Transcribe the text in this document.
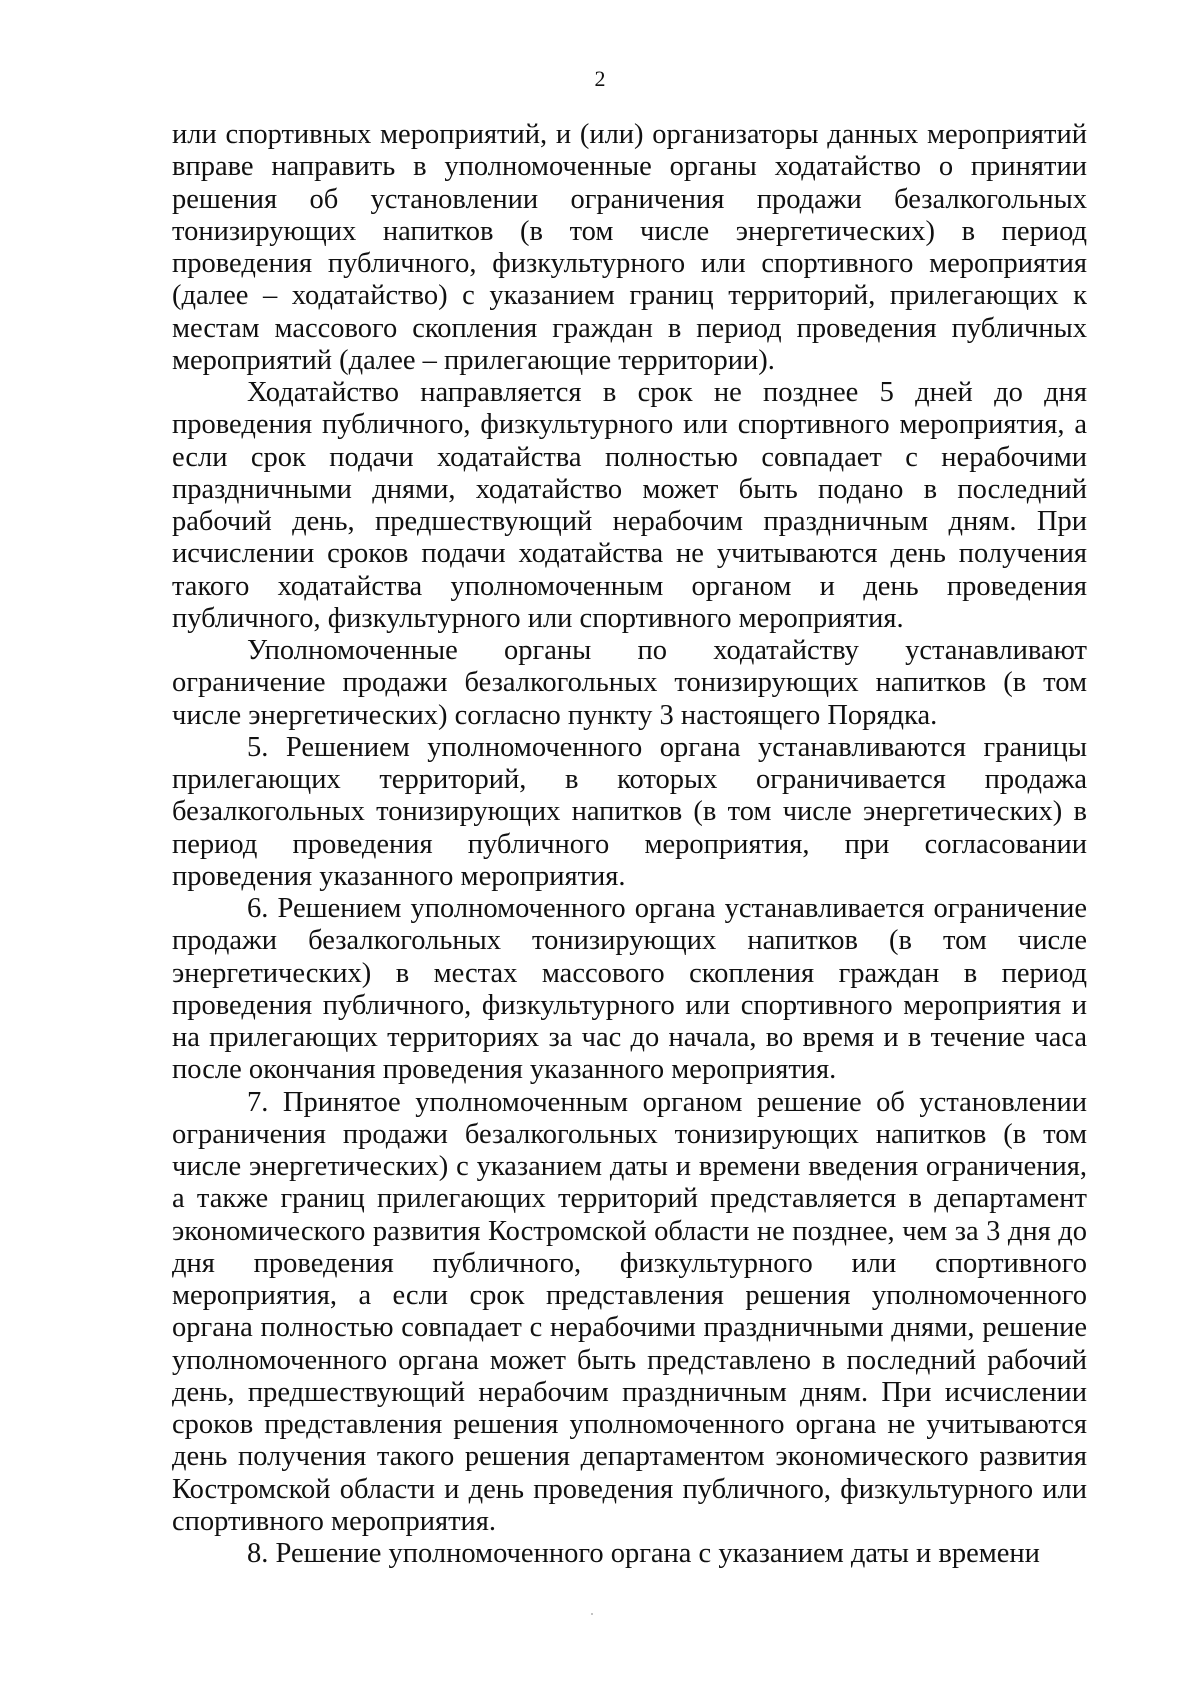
2

или спортивных мероприятий, и (или) организаторы данных мероприятий вправе направить в уполномоченные органы ходатайство о принятии решения об установлении ограничения продажи безалкогольных тонизирующих напитков (в том числе энергетических) в период проведения публичного, физкультурного или спортивного мероприятия (далее – ходатайство) с указанием границ территорий, прилегающих к местам массового скопления граждан в период проведения публичных мероприятий (далее – прилегающие территории).

Ходатайство направляется в срок не позднее 5 дней до дня проведения публичного, физкультурного или спортивного мероприятия, а если срок подачи ходатайства полностью совпадает с нерабочими праздничными днями, ходатайство может быть подано в последний рабочий день, предшествующий нерабочим праздничным дням. При исчислении сроков подачи ходатайства не учитываются день получения такого ходатайства уполномоченным органом и день проведения публичного, физкультурного или спортивного мероприятия.

Уполномоченные органы по ходатайству устанавливают ограничение продажи безалкогольных тонизирующих напитков (в том числе энергетических) согласно пункту 3 настоящего Порядка.

5. Решением уполномоченного органа устанавливаются границы прилегающих территорий, в которых ограничивается продажа безалкогольных тонизирующих напитков (в том числе энергетических) в период проведения публичного мероприятия, при согласовании проведения указанного мероприятия.

6. Решением уполномоченного органа устанавливается ограничение продажи безалкогольных тонизирующих напитков (в том числе энергетических) в местах массового скопления граждан в период проведения публичного, физкультурного или спортивного мероприятия и на прилегающих территориях за час до начала, во время и в течение часа после окончания проведения указанного мероприятия.

7. Принятое уполномоченным органом решение об установлении ограничения продажи безалкогольных тонизирующих напитков (в том числе энергетических) с указанием даты и времени введения ограничения, а также границ прилегающих территорий представляется в департамент экономического развития Костромской области не позднее, чем за 3 дня до дня проведения публичного, физкультурного или спортивного мероприятия, а если срок представления решения уполномоченного органа полностью совпадает с нерабочими праздничными днями, решение уполномоченного органа может быть представлено в последний рабочий день, предшествующий нерабочим праздничным дням. При исчислении сроков представления решения уполномоченного органа не учитываются день получения такого решения департаментом экономического развития Костромской области и день проведения публичного, физкультурного или спортивного мероприятия.

8. Решение уполномоченного органа с указанием даты и времени
